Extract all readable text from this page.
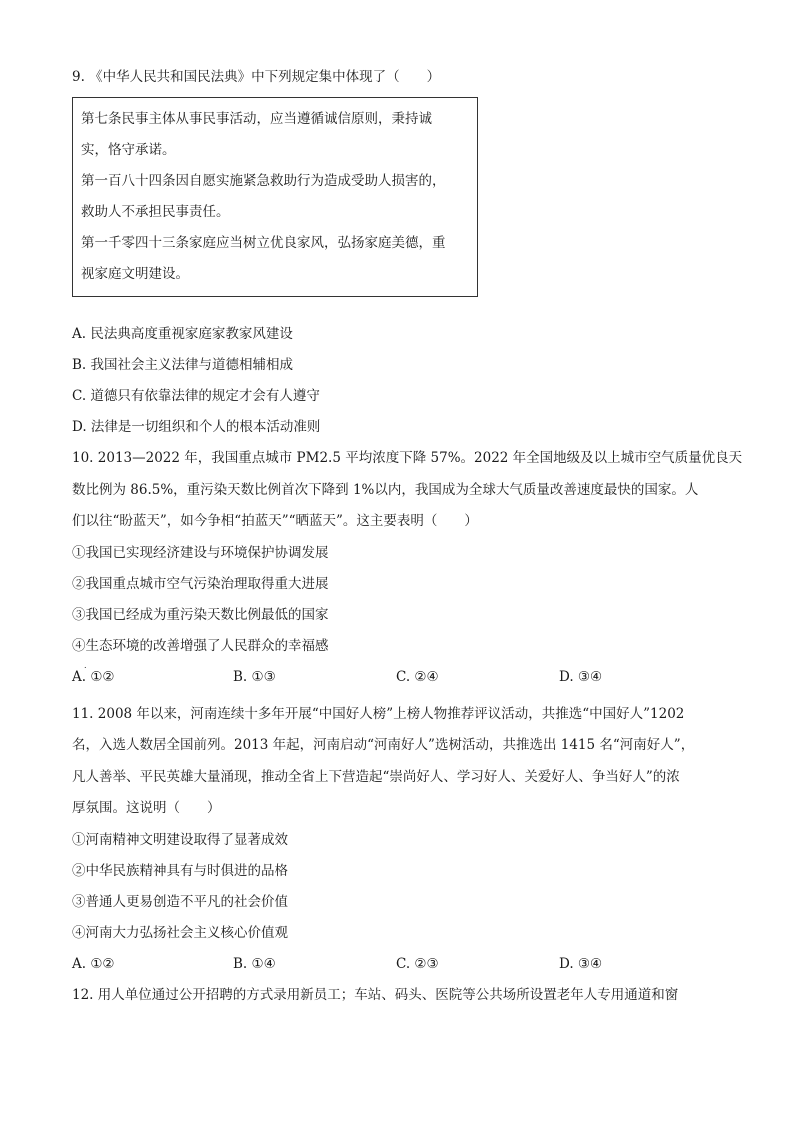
9. 《中华人民共和国民法典》中下列规定集中体现了（　　）
第七条民事主体从事民事活动，应当遵循诚信原则，秉持诚
实，恪守承诺。
第一百八十四条因自愿实施紧急救助行为造成受助人损害的，
救助人不承担民事责任。
第一千零四十三条家庭应当树立优良家风，弘扬家庭美德，重
视家庭文明建设。
A. 民法典高度重视家庭家教家风建设
B. 我国社会主义法律与道德相辅相成
C. 道德只有依靠法律的规定才会有人遵守
D. 法律是一切组织和个人的根本活动准则
10. 2013—2022 年，我国重点城市 PM2.5 平均浓度下降 57%。2022 年全国地级及以上城市空气质量优良天
数比例为 86.5%，重污染天数比例首次下降到 1%以内，我国成为全球大气质量改善速度最快的国家。人
们以往“盼蓝天”，如今争相“拍蓝天”“晒蓝天”。这主要表明（　　）
①我国已实现经济建设与环境保护协调发展
②我国重点城市空气污染治理取得重大进展
③我国已经成为重污染天数比例最低的国家
④生态环境的改善增强了人民群众的幸福感
A. ①②	B. ①③	C. ②④	D. ③④
.
11. 2008 年以来，河南连续十多年开展“中国好人榜”上榜人物推荐评议活动，共推选“中国好人”1202
名，入选人数居全国前列。2013 年起，河南启动“河南好人”选树活动，共推选出 1415 名“河南好人”，
凡人善举、平民英雄大量涌现，推动全省上下营造起“崇尚好人、学习好人、关爱好人、争当好人”的浓
厚氛围。这说明（　　）
①河南精神文明建设取得了显著成效
②中华民族精神具有与时俱进的品格
③普通人更易创造不平凡的社会价值
④河南大力弘扬社会主义核心价值观
A. ①②	B. ①④	C. ②③	D. ③④
12. 用人单位通过公开招聘的方式录用新员工；车站、码头、医院等公共场所设置老年人专用通道和窗
